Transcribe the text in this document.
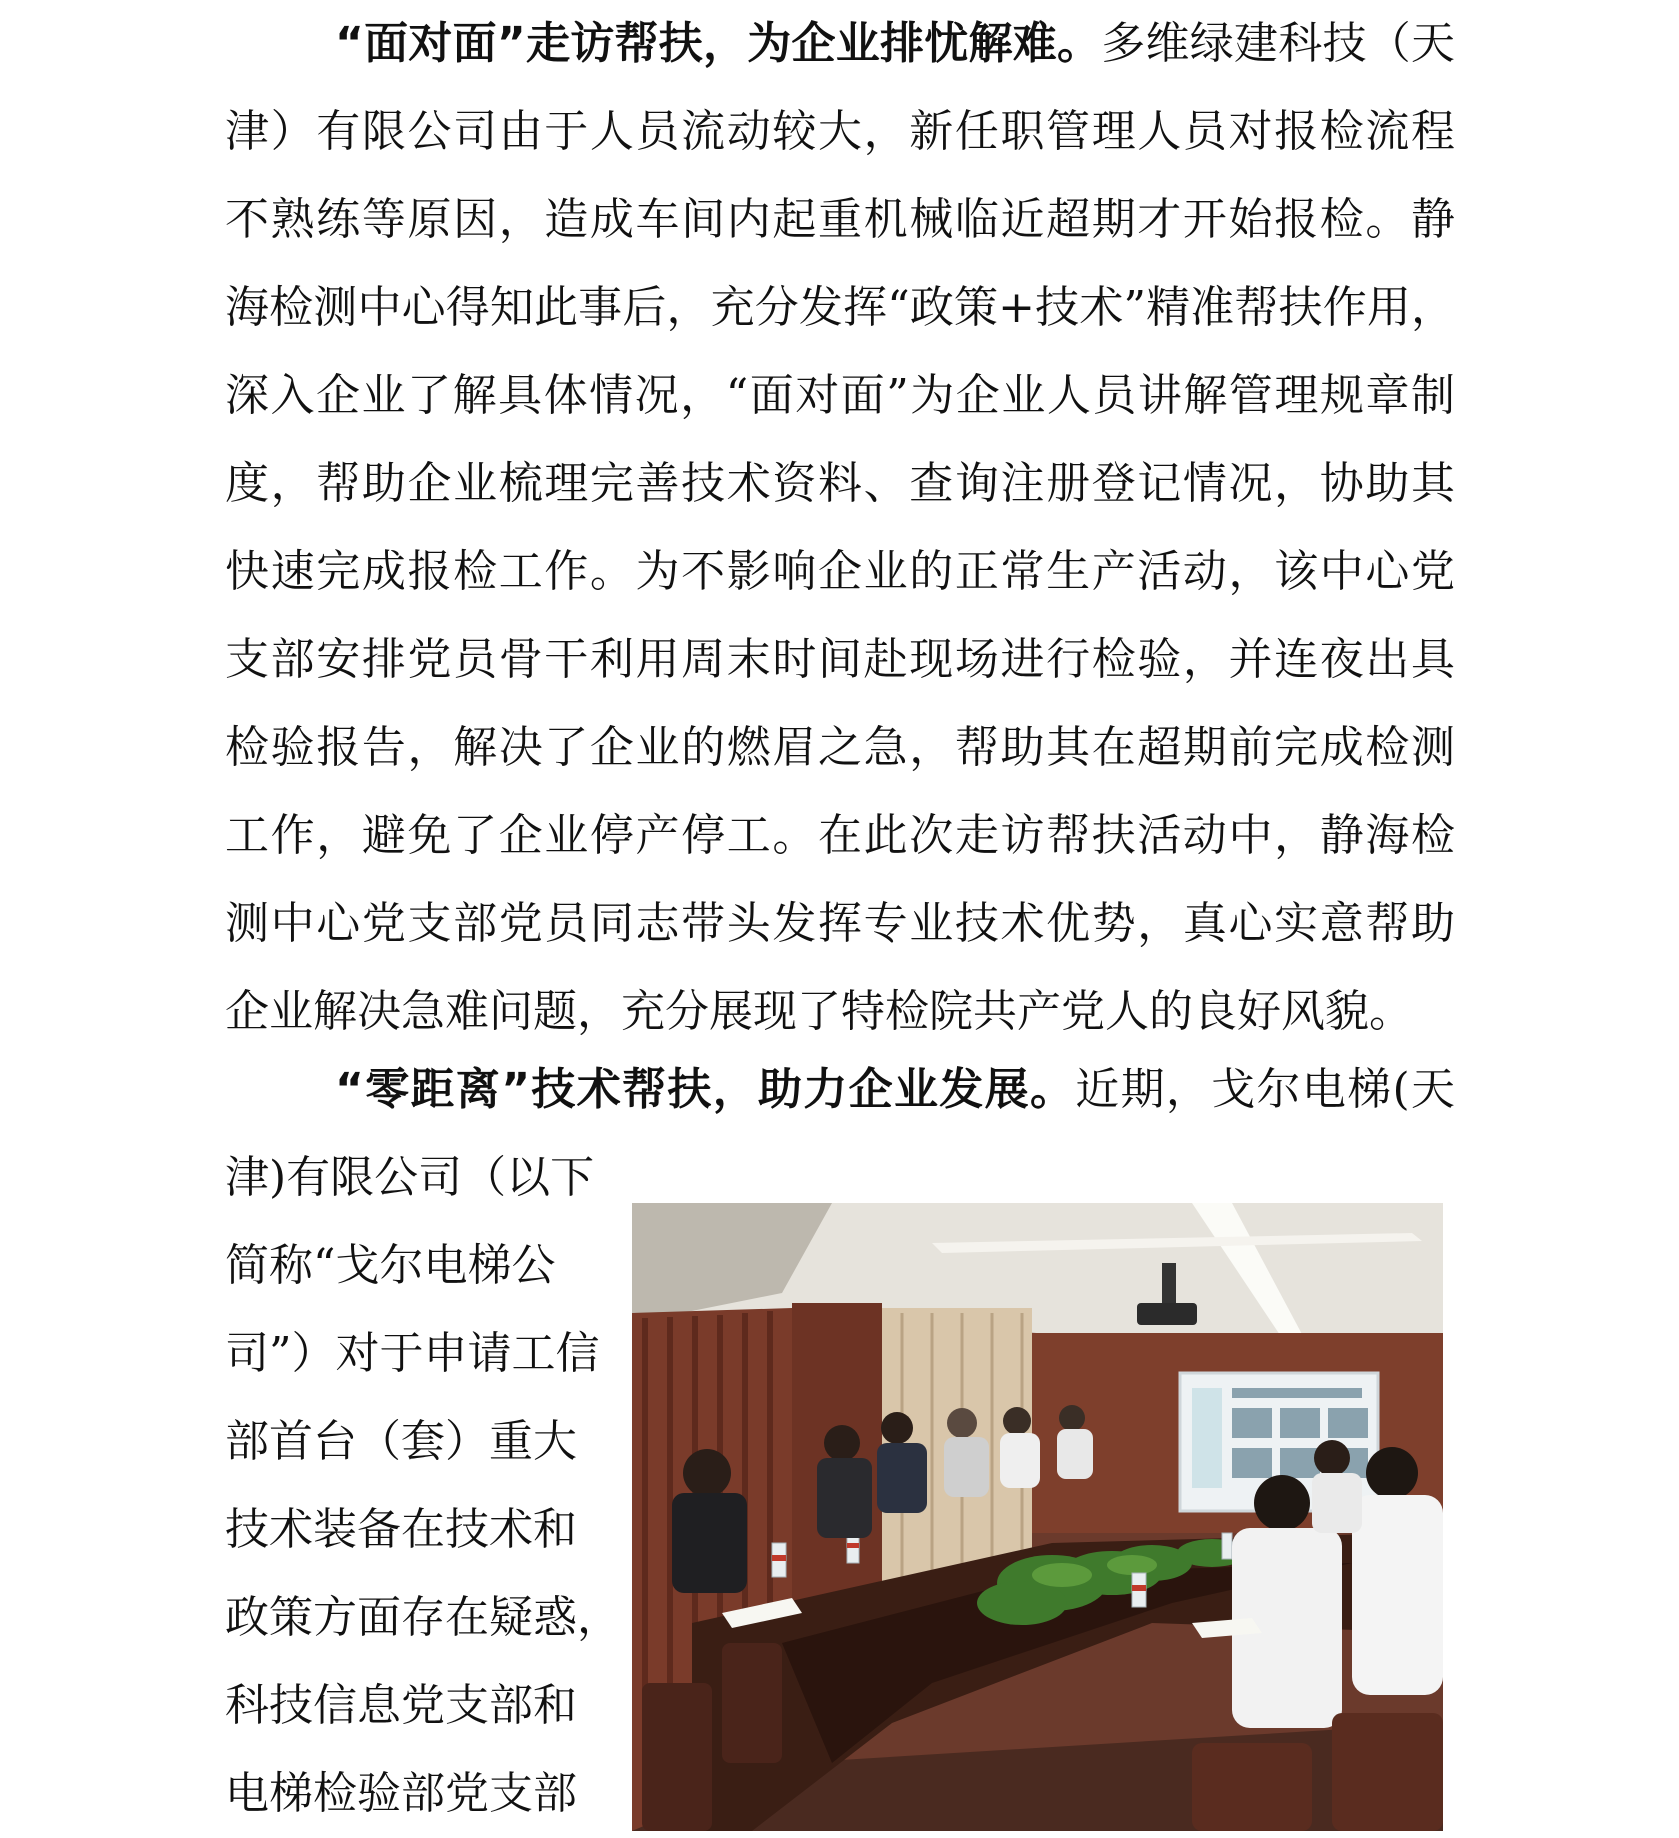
“面对面”走访帮扶，为企业排忧解难。多维绿建科技（天
津）有限公司由于人员流动较大，新任职管理人员对报检流程
不熟练等原因，造成车间内起重机械临近超期才开始报检。静
海检测中心得知此事后，充分发挥“政策+技术”精准帮扶作用，
深入企业了解具体情况，“面对面”为企业人员讲解管理规章制
度，帮助企业梳理完善技术资料、查询注册登记情况，协助其
快速完成报检工作。为不影响企业的正常生产活动，该中心党
支部安排党员骨干利用周末时间赴现场进行检验，并连夜出具
检验报告，解决了企业的燃眉之急，帮助其在超期前完成检测
工作，避免了企业停产停工。在此次走访帮扶活动中，静海检
测中心党支部党员同志带头发挥专业技术优势，真心实意帮助
企业解决急难问题，充分展现了特检院共产党人的良好风貌。
“零距离”技术帮扶，助力企业发展。近期，戈尔电梯(天
津)有限公司（以下
简称“戈尔电梯公
司”）对于申请工信
部首台（套）重大
技术装备在技术和
政策方面存在疑惑，
科技信息党支部和
电梯检验部党支部
